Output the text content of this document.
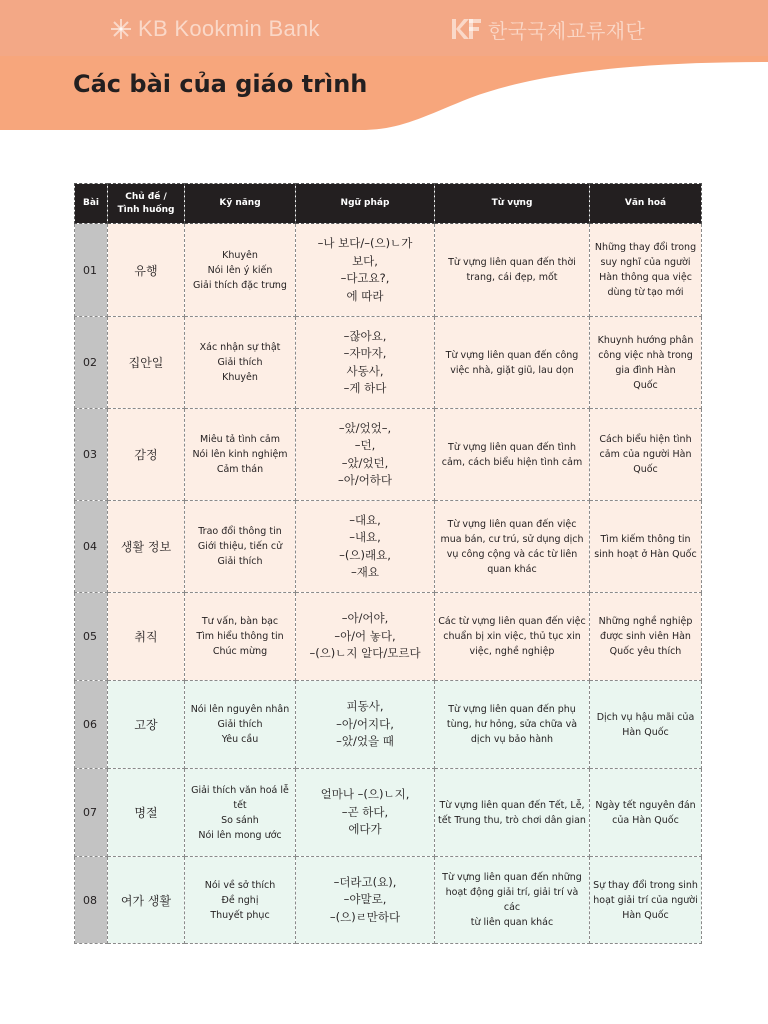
KB Kookmin Bank	한국국제교류재단
Các bài của giáo trình
Bài	Chủ đề /
Tình huống	Kỹ năng	Ngữ pháp	Từ vựng	Văn hoá
01	유행	Khuyên
Nói lên ý kiến
Giải thích đặc trưng	–나 보다/–(으)ㄴ가
보다,
–다고요?,
에 따라	Từ vựng liên quan đến thời
trang, cái đẹp, mốt	Những thay đổi trong
suy nghĩ của người
Hàn thông qua việc
dùng từ tạo mới

02	집안일	Xác nhận sự thật
Giải thích
Khuyên	–잖아요,
–자마자,
사동사,
–게 하다	Từ vựng liên quan đến công
việc nhà, giặt giũ, lau dọn	Khuynh hướng phân
công việc nhà trong
gia đình Hàn
Quốc

03	감정	Miêu tả tình cảm
Nói lên kinh nghiệm
Cảm thán	–았/었었–,
–던,
–았/었던,
–아/어하다	Từ vựng liên quan đến tình
cảm, cách biểu hiện tình cảm	Cách biểu hiện tình
cảm của người Hàn
Quốc

04	생활 정보	Trao đổi thông tin
Giới thiệu, tiến cử
Giải thích	–대요,
–내요,
–(으)래요,
–재요	Từ vựng liên quan đến việc
mua bán, cư trú, sử dụng dịch
vụ công cộng và các từ liên
quan khác	Tìm kiếm thông tin
sinh hoạt ở Hàn Quốc

05	취직	Tư vấn, bàn bạc
Tìm hiểu thông tin
Chúc mừng	–아/어야,
–아/어 놓다,
–(으)ㄴ지 알다/모르다	Các từ vựng liên quan đến việc
chuẩn bị xin việc, thủ tục xin
việc, nghề nghiệp	Những nghề nghiệp
được sinh viên Hàn
Quốc yêu thích

06	고장	Nói lên nguyên nhân
Giải thích
Yêu cầu	피동사,
–아/어지다,
–았/었을 때	Từ vựng liên quan đến phụ
tùng, hư hỏng, sửa chữa và
dịch vụ bảo hành	Dịch vụ hậu mãi của
Hàn Quốc

07	명절	Giải thích văn hoá lễ
tết
So sánh
Nói lên mong ước	얼마나 –(으)ㄴ지,
–곤 하다,
에다가	Từ vựng liên quan đến Tết, Lễ,
tết Trung thu, trò chơi dân gian	Ngày tết nguyên đán
của Hàn Quốc

08	여가 생활	Nói về sở thích
Đề nghị
Thuyết phục	–더라고(요),
–야말로,
–(으)ㄹ만하다	Từ vựng liên quan đến những
hoạt động giải trí, giải trí và các
từ liên quan khác	Sự thay đổi trong sinh
hoạt giải trí của người
Hàn Quốc
